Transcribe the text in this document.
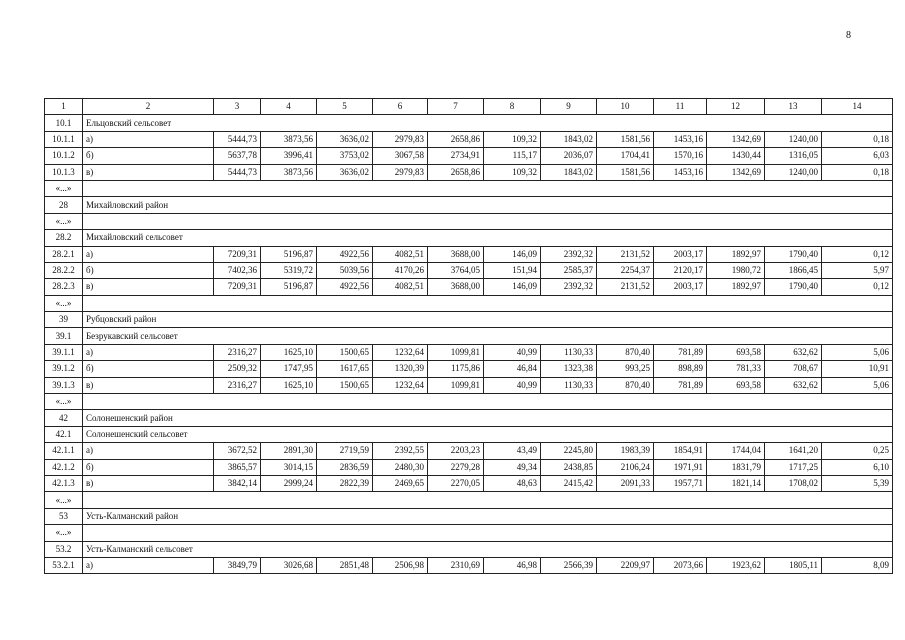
8
1	2	3	4	5	6	7	8	9	10	11	12	13	14
10.1	Ельцовский сельсовет												
10.1.1	а)	5444,73	3873,56	3636,02	2979,83	2658,86	109,32	1843,02	1581,56	1453,16	1342,69	1240,00	0,18
10.1.2	б)	5637,78	3996,41	3753,02	3067,58	2734,91	115,17	2036,07	1704,41	1570,16	1430,44	1316,05	6,03
10.1.3	в)	5444,73	3873,56	3636,02	2979,83	2658,86	109,32	1843,02	1581,56	1453,16	1342,69	1240,00	0,18
«...»													
28	Михайловский район												
«...»													
28.2	Михайловский сельсовет												
28.2.1	а)	7209,31	5196,87	4922,56	4082,51	3688,00	146,09	2392,32	2131,52	2003,17	1892,97	1790,40	0,12
28.2.2	б)	7402,36	5319,72	5039,56	4170,26	3764,05	151,94	2585,37	2254,37	2120,17	1980,72	1866,45	5,97
28.2.3	в)	7209,31	5196,87	4922,56	4082,51	3688,00	146,09	2392,32	2131,52	2003,17	1892,97	1790,40	0,12
«...»													
39	Рубцовский район												
39.1	Безрукавский сельсовет												
39.1.1	а)	2316,27	1625,10	1500,65	1232,64	1099,81	40,99	1130,33	870,40	781,89	693,58	632,62	5,06
39.1.2	б)	2509,32	1747,95	1617,65	1320,39	1175,86	46,84	1323,38	993,25	898,89	781,33	708,67	10,91
39.1.3	в)	2316,27	1625,10	1500,65	1232,64	1099,81	40,99	1130,33	870,40	781,89	693,58	632,62	5,06
«...»													
42	Солонешенский район												
42.1	Солонешенский сельсовет												
42.1.1	а)	3672,52	2891,30	2719,59	2392,55	2203,23	43,49	2245,80	1983,39	1854,91	1744,04	1641,20	0,25
42.1.2	б)	3865,57	3014,15	2836,59	2480,30	2279,28	49,34	2438,85	2106,24	1971,91	1831,79	1717,25	6,10
42.1.3	в)	3842,14	2999,24	2822,39	2469,65	2270,05	48,63	2415,42	2091,33	1957,71	1821,14	1708,02	5,39
«...»													
53	Усть-Калманский район												
«...»													
53.2	Усть-Калманский сельсовет												
53.2.1	а)	3849,79	3026,68	2851,48	2506,98	2310,69	46,98	2566,39	2209,97	2073,66	1923,62	1805,11	8,09
